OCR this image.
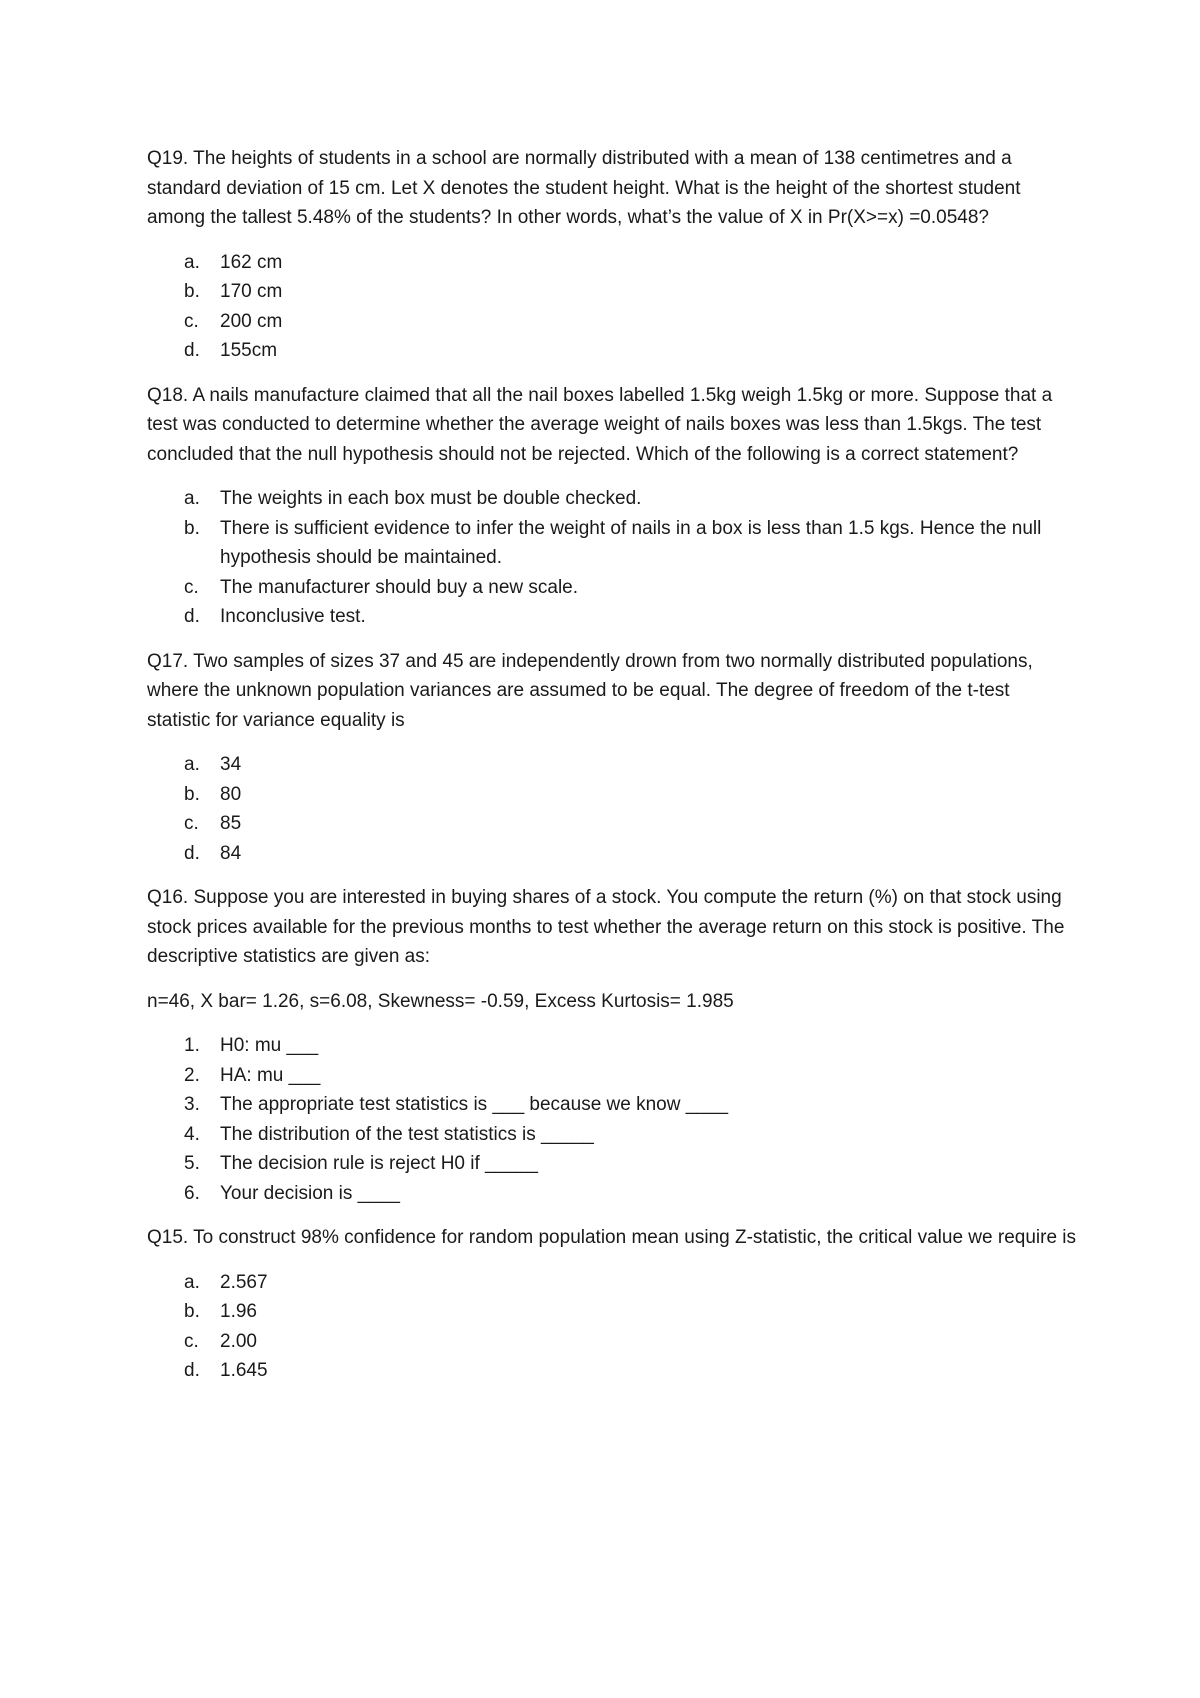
Q19. The heights of students in a school are normally distributed with a mean of 138 centimetres and a standard deviation of 15 cm. Let X denotes the student height. What is the height of the shortest student among the tallest 5.48% of the students? In other words, what’s the value of X in Pr(X>=x) =0.0548?

a. 162 cm
b. 170 cm
c. 200 cm
d. 155cm

Q18. A nails manufacture claimed that all the nail boxes labelled 1.5kg weigh 1.5kg or more. Suppose that a test was conducted to determine whether the average weight of nails boxes was less than 1.5kgs. The test concluded that the null hypothesis should not be rejected. Which of the following is a correct statement?

a. The weights in each box must be double checked.
b. There is sufficient evidence to infer the weight of nails in a box is less than 1.5 kgs. Hence the null hypothesis should be maintained.
c. The manufacturer should buy a new scale.
d. Inconclusive test.

Q17. Two samples of sizes 37 and 45 are independently drown from two normally distributed populations, where the unknown population variances are assumed to be equal. The degree of freedom of the t-test statistic for variance equality is

a. 34
b. 80
c. 85
d. 84

Q16. Suppose you are interested in buying shares of a stock. You compute the return (%) on that stock using stock prices available for the previous months to test whether the average return on this stock is positive. The descriptive statistics are given as:

n=46, X bar= 1.26, s=6.08, Skewness= -0.59, Excess Kurtosis= 1.985

1. H0: mu ___
2. HA: mu ___
3. The appropriate test statistics is ___ because we know ____
4. The distribution of the test statistics is _____
5. The decision rule is reject H0 if _____
6. Your decision is ____

Q15. To construct 98% confidence for random population mean using Z-statistic, the critical value we require is

a. 2.567
b. 1.96
c. 2.00
d. 1.645
